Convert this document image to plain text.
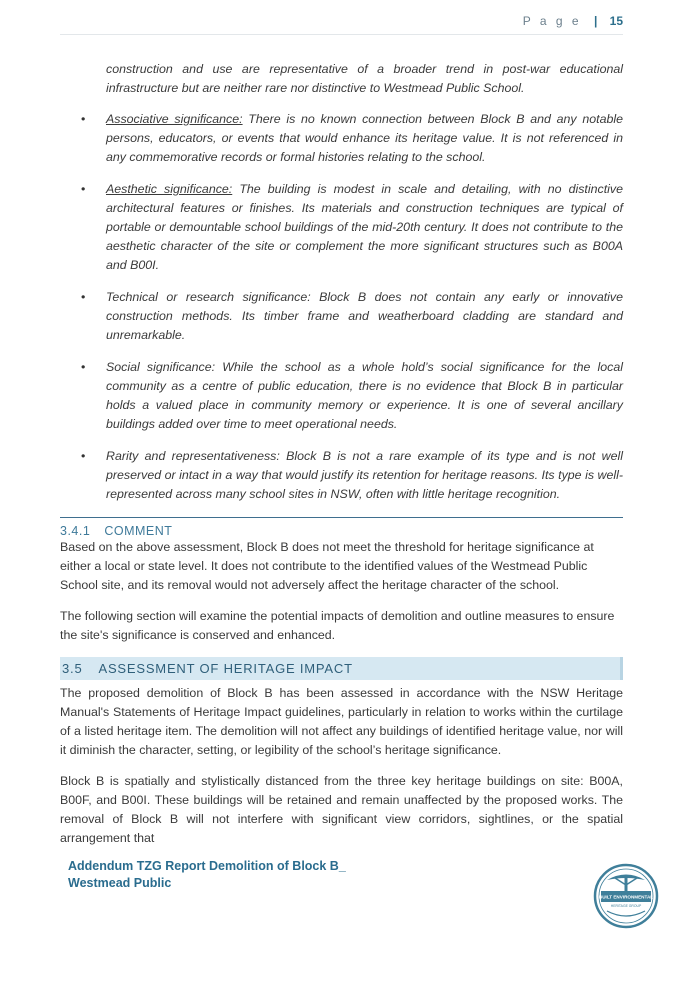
P a g e | 15

construction and use are representative of a broader trend in post-war educational infrastructure but are neither rare nor distinctive to Westmead Public School.

• Associative significance: There is no known connection between Block B and any notable persons, educators, or events that would enhance its heritage value. It is not referenced in any commemorative records or formal histories relating to the school.
• Aesthetic significance: The building is modest in scale and detailing, with no distinctive architectural features or finishes. Its materials and construction techniques are typical of portable or demountable school buildings of the mid-20th century. It does not contribute to the aesthetic character of the site or complement the more significant structures such as B00A and B00I.
• Technical or research significance: Block B does not contain any early or innovative construction methods. Its timber frame and weatherboard cladding are standard and unremarkable.
• Social significance: While the school as a whole hold’s social significance for the local community as a centre of public education, there is no evidence that Block B in particular holds a valued place in community memory or experience. It is one of several ancillary buildings added over time to meet operational needs.
• Rarity and representativeness: Block B is not a rare example of its type and is not well preserved or intact in a way that would justify its retention for heritage reasons. Its type is well-represented across many school sites in NSW, often with little heritage recognition.
3.4.1 COMMENT

Based on the above assessment, Block B does not meet the threshold for heritage significance at either a local or state level. It does not contribute to the identified values of the Westmead Public School site, and its removal would not adversely affect the heritage character of the school.

The following section will examine the potential impacts of demolition and outline measures to ensure the site's significance is conserved and enhanced.

3.5 ASSESSMENT OF HERITAGE IMPACT

The proposed demolition of Block B has been assessed in accordance with the NSW Heritage Manual's Statements of Heritage Impact guidelines, particularly in relation to works within the curtilage of a listed heritage item. The demolition will not affect any buildings of identified heritage value, nor will it diminish the character, setting, or legibility of the school’s heritage significance.

Block B is spatially and stylistically distanced from the three key heritage buildings on site: B00A, B00F, and B00I. These buildings will be retained and remain unaffected by the proposed works. The removal of Block B will not interfere with significant view corridors, sightlines, or the spatial arrangement that

Addendum TZG Report Demolition of Block B_
Westmead Public
BUILT ENVIRONMENTAL
HERITAGE GROUP
